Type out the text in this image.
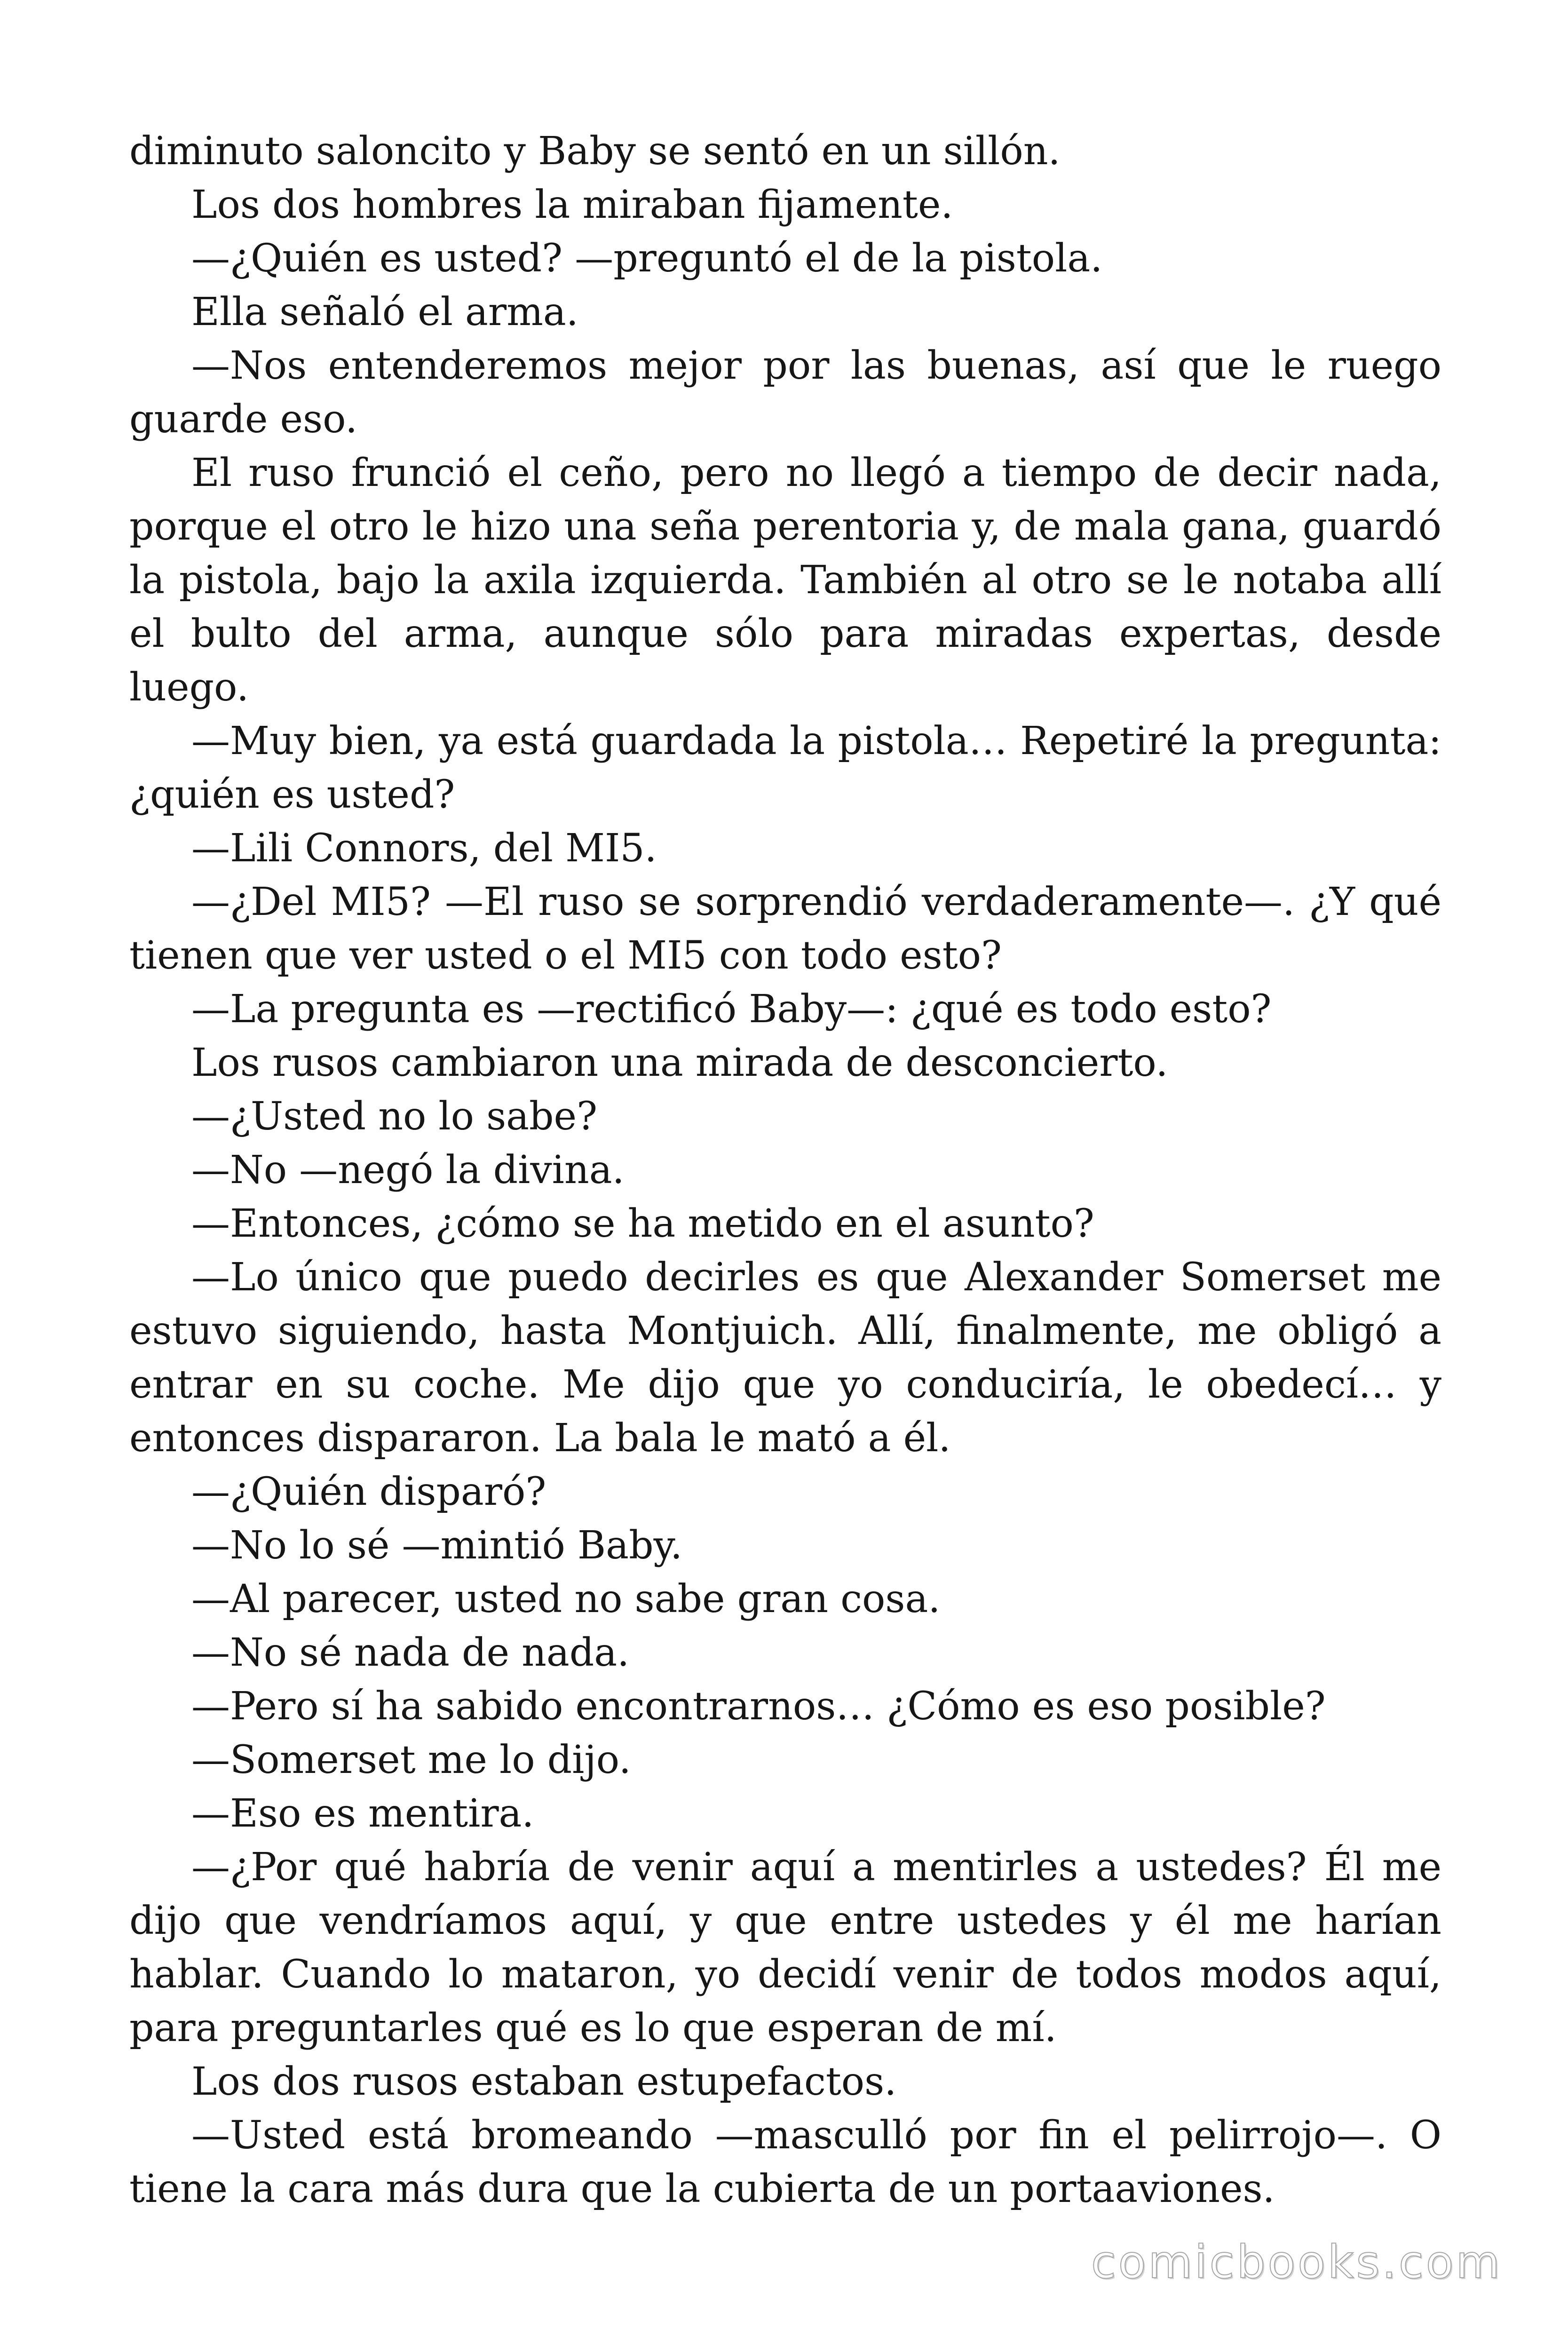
diminuto saloncito y Baby se sentó en un sillón.

Los dos hombres la miraban fijamente.

—¿Quién es usted? —preguntó el de la pistola.

Ella señaló el arma.

—Nos entenderemos mejor por las buenas, así que le ruego guarde eso.

El ruso frunció el ceño, pero no llegó a tiempo de decir nada, porque el otro le hizo una seña perentoria y, de mala gana, guardó la pistola, bajo la axila izquierda. También al otro se le notaba allí el bulto del arma, aunque sólo para miradas expertas, desde luego.

—Muy bien, ya está guardada la pistola… Repetiré la pregunta: ¿quién es usted?

—Lili Connors, del MI5.

—¿Del MI5? —El ruso se sorprendió verdaderamente—. ¿Y qué tienen que ver usted o el MI5 con todo esto?

—La pregunta es —rectificó Baby—: ¿qué es todo esto?

Los rusos cambiaron una mirada de desconcierto.

—¿Usted no lo sabe?

—No —negó la divina.

—Entonces, ¿cómo se ha metido en el asunto?

—Lo único que puedo decirles es que Alexander Somerset me estuvo siguiendo, hasta Montjuich. Allí, finalmente, me obligó a entrar en su coche. Me dijo que yo conduciría, le obedecí… y entonces dispararon. La bala le mató a él.

—¿Quién disparó?

—No lo sé —mintió Baby.

—Al parecer, usted no sabe gran cosa.

—No sé nada de nada.

—Pero sí ha sabido encontrarnos… ¿Cómo es eso posible?

—Somerset me lo dijo.

—Eso es mentira.

—¿Por qué habría de venir aquí a mentirles a ustedes? Él me dijo que vendríamos aquí, y que entre ustedes y él me harían hablar. Cuando lo mataron, yo decidí venir de todos modos aquí, para preguntarles qué es lo que esperan de mí.

Los dos rusos estaban estupefactos.

—Usted está bromeando —masculló por fin el pelirrojo—. O tiene la cara más dura que la cubierta de un portaaviones.

comicbooks.com
